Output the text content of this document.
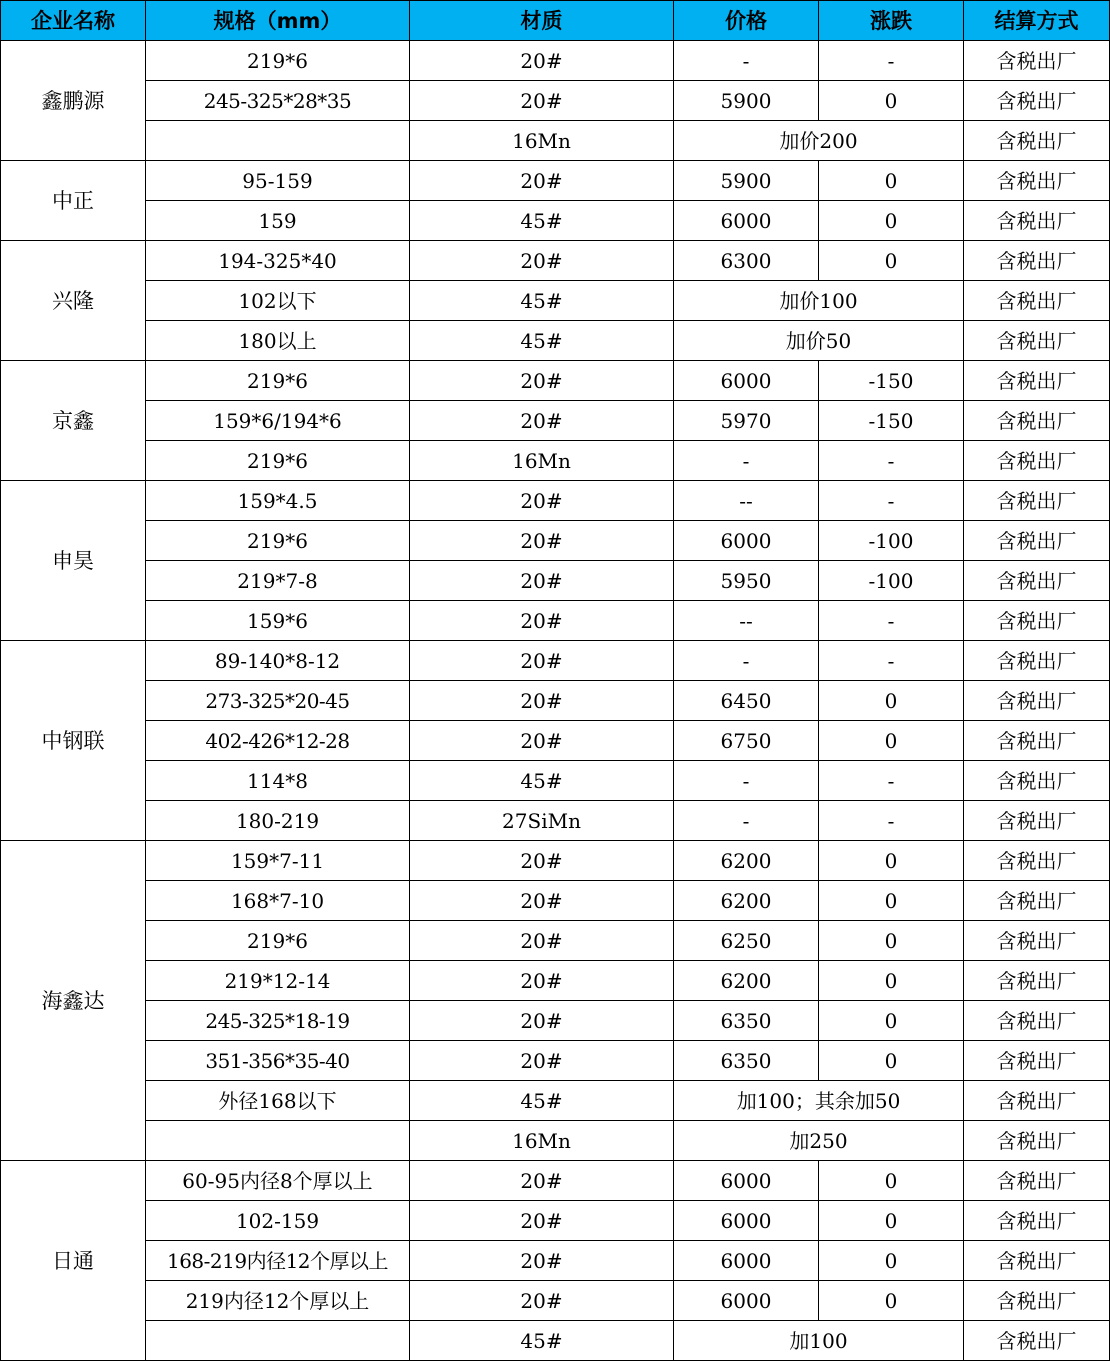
企业名称	规格（mm）	材质	价格	涨跌	结算方式
鑫鹏源	219*6	20#	-	-	含税出厂
	245-325*28*35	20#	5900	0	含税出厂
		16Mn	加价200		含税出厂
中正	95-159	20#	5900	0	含税出厂
	159	45#	6000	0	含税出厂
兴隆	194-325*40	20#	6300	0	含税出厂
	102以下	45#	加价100		含税出厂
	180以上	45#	加价50		含税出厂
京鑫	219*6	20#	6000	-150	含税出厂
	159*6/194*6	20#	5970	-150	含税出厂
	219*6	16Mn	-	-	含税出厂
申昊	159*4.5	20#	--	-	含税出厂
	219*6	20#	6000	-100	含税出厂
	219*7-8	20#	5950	-100	含税出厂
	159*6	20#	--	-	含税出厂
中钢联	89-140*8-12	20#	-	-	含税出厂
	273-325*20-45	20#	6450	0	含税出厂
	402-426*12-28	20#	6750	0	含税出厂
	114*8	45#	-	-	含税出厂
	180-219	27SiMn	-	-	含税出厂
海鑫达	159*7-11	20#	6200	0	含税出厂
	168*7-10	20#	6200	0	含税出厂
	219*6	20#	6250	0	含税出厂
	219*12-14	20#	6200	0	含税出厂
	245-325*18-19	20#	6350	0	含税出厂
	351-356*35-40	20#	6350	0	含税出厂
	外径168以下	45#	加100；其余加50		含税出厂
		16Mn	加250		含税出厂
日通	60-95内径8个厚以上	20#	6000	0	含税出厂
	102-159	20#	6000	0	含税出厂
	168-219内径12个厚以上	20#	6000	0	含税出厂
	219内径12个厚以上	20#	6000	0	含税出厂
		45#	加100		含税出厂
